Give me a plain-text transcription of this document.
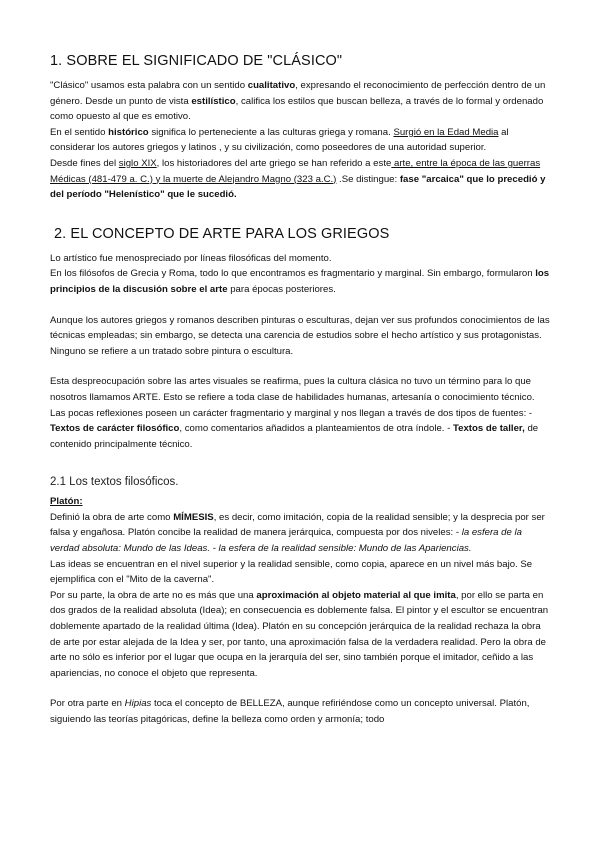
1. SOBRE EL SIGNIFICADO DE "CLÁSICO"

"Clásico" usamos esta palabra con un sentido cualitativo, expresando el reconocimiento de perfección dentro de un género. Desde un punto de vista estilístico, califica los estilos que buscan belleza, a través de lo formal y ordenado como opuesto al que es emotivo.

En el sentido histórico significa lo perteneciente a las culturas griega y romana. Surgió en la Edad Media al considerar los autores griegos y latinos , y su civilización, como poseedores de una autoridad superior.

Desde fines del siglo XIX, los historiadores del arte griego se han referido a este arte, entre la época de las guerras Médicas (481-479 a. C.) y la muerte de Alejandro Magno (323 a.C.) .Se distingue: fase "arcaica" que lo precedió y del período "Helenístico" que le sucedió.

2. EL CONCEPTO DE ARTE PARA LOS GRIEGOS

Lo artístico fue menospreciado por líneas filosóficas del momento.

En los filósofos de Grecia y Roma, todo lo que encontramos es fragmentario y marginal. Sin embargo, formularon los principios de la discusión sobre el arte para épocas posteriores.

Aunque los autores griegos y romanos describen pinturas o esculturas, dejan ver sus profundos conocimientos de las técnicas empleadas; sin embargo, se detecta una carencia de estudios sobre el hecho artístico y sus protagonistas. Ninguno se refiere a un tratado sobre pintura o escultura.

Esta despreocupación sobre las artes visuales se reafirma, pues la cultura clásica no tuvo un término para lo que nosotros llamamos ARTE. Esto se refiere a toda clase de habilidades humanas, artesanía o conocimiento técnico. Las pocas reflexiones poseen un carácter fragmentario y marginal y nos llegan a través de dos tipos de fuentes: - Textos de carácter filosófico, como comentarios añadidos a planteamientos de otra índole. - Textos de taller, de contenido principalmente técnico.

2.1 Los textos filosóficos.

Platón:

Definió la obra de arte como MÍMESIS, es decir, como imitación, copia de la realidad sensible; y la desprecia por ser falsa y engañosa. Platón concibe la realidad de manera jerárquica, compuesta por dos niveles: - la esfera de la verdad absoluta: Mundo de las Ideas. - la esfera de la realidad sensible: Mundo de las Apariencias.

Las ideas se encuentran en el nivel superior y la realidad sensible, como copia, aparece en un nivel más bajo. Se ejemplifica con el "Mito de la caverna".

Por su parte, la obra de arte no es más que una aproximación al objeto material al que imita, por ello se parta en dos grados de la realidad absoluta (Idea); en consecuencia es doblemente falsa. El pintor y el escultor se encuentran doblemente apartado de la realidad última (Idea). Platón en su concepción jerárquica de la realidad rechaza la obra de arte por estar alejada de la Idea y ser, por tanto, una aproximación falsa de la verdadera realidad. Pero la obra de arte no sólo es inferior por el lugar que ocupa en la jerarquía del ser, sino también porque el imitador, ceñido a las apariencias, no conoce el objeto que representa.

Por otra parte en Hipias toca el concepto de BELLEZA, aunque refiriéndose como un concepto universal. Platón, siguiendo las teorías pitagóricas, define la belleza como orden y armonía; todo
